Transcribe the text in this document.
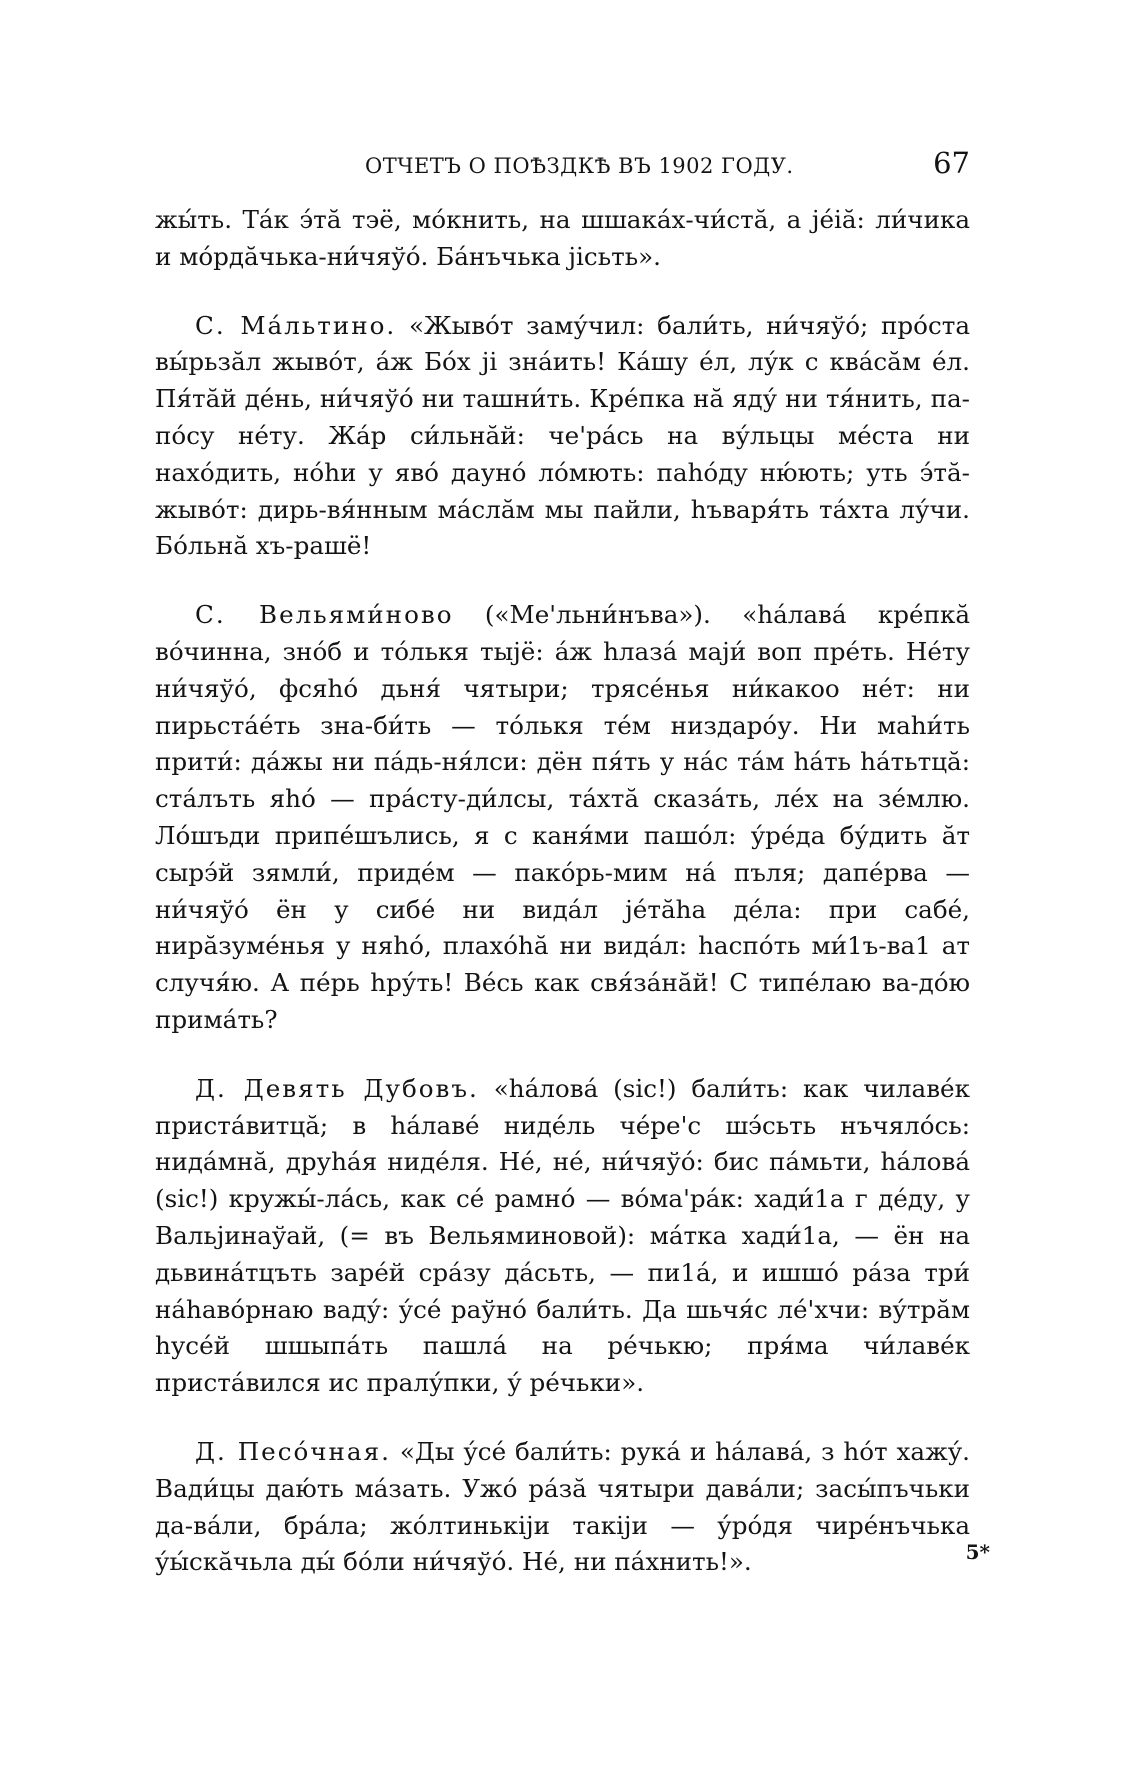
ОТЧЕТЪ О ПОѢЗДКѢ ВЪ 1902 ГОДУ.	67

жы́ть. Та́к э́тă тэё, мо́книть, на шшака́х-чи́стă, а jе́iă: ли́чика и мо́рдăчька-ни́чяўо́. Ба́нъчька jісьть».

С. Ма́льтино. «Жыво́т заму́чил: бали́ть, ни́чяўо́; про́ста вы́рьзăл жыво́т, а́ж Бо́х jі зна́ить! Ка́шу е́л, лу́к с ква́сăм е́л. Пя́тăй де́нь, ни́чяўо́ ни ташни́ть. Кре́пка нă яду́ ни тя́нить, па-по́су не́ту. Жа́р си́льнăй: че'ра́сь на ву́льцы ме́ста ни нахо́дить, но́hи у яво́ дауно́ ло́мють: паhо́ду ню́ють; уть э́тă-жыво́т: дирь-вя́нным ма́слăм мы пайли, hъваря́ть та́хта лу́чи. Бо́льнă хъ-рашё!

С. Вельями́ново («Ме'льни́нъва»). «hа́лава́ кре́пкă во́чинна, зно́б и то́лькя тыjё: а́ж hлаза́ маjи́ воп пре́ть. Не́ту ни́чяўо́, фсяhо́ дьня́ чятыри; трясе́нья ни́какоо не́т: ни пирьста́е́ть зна-би́ть — то́лькя те́м низдаро́у. Ни маhи́ть прити́: да́жы ни па́дь-ня́лси: дён пя́ть у на́с та́м hа́ть hа́тьтцă: ста́лъть яhо́ — пра́сту-ди́лсы, та́хтă сказа́ть, ле́х на зе́млю. Ло́шъди припе́шълись, я с каня́ми пашо́л: у́ре́да бу́дить ăт сырэ́й зямли́, приде́м — пако́рь-мим на́ пъля; дапе́рва — ни́чяўо́ ён у сибе́ ни вида́л jе́тăhа де́ла: при сабе́, нирăзуме́нья у няhо́, плахо́hă ни вида́л: hаспо́ть ми́1ъ-ва1 ат случя́ю. А пе́рь hру́ть! Ве́сь как свя́за́нăй! С типе́лаю ва-до́ю прима́ть?

Д. Девять Дубовъ. «hа́лова́ (sic!) бали́ть: как чилаве́к приста́витцă; в hа́лаве́ ниде́ль че́ре'с шэ́сьть нъчяло́сь: нида́мнă, друhа́я ниде́ля. Не́, не́, ни́чяўо́: бис па́мьти, hа́лова́ (sic!) кружы́-ла́сь, как се́ рамно́ — во́ма'ра́к: хади́1а г де́ду, у Вальjинаўай, (= въ Вельяминовой): ма́тка хади́1а, — ён на дьвина́тцъть заре́й сра́зу да́сьть, — пи1а́, и ишшо́ ра́за три́ на́hаво́рнаю ваду́: у́се́ раўно́ бали́ть. Да шьчя́с ле́'хчи: ву́трăм hусе́й шшыпа́ть пашла́ на ре́чькю; пря́ма чи́лаве́к приста́вился ис пралу́пки, у́ ре́чьки».

Д. Песо́чная. «Ды у́се́ бали́ть: рука́ и hа́лава́, з hо́т хажу́. Вади́цы даю́ть ма́зать. Ужо́ ра́зă чятыри дава́ли; засы́пъчьки да-ва́ли, бра́ла; жо́лтинькіjи такіjи — у́ро́дя чире́нъчька у́ы́скăчьла ды́ бо́ли ни́чяўо́. Не́, ни па́хнить!».	5*
